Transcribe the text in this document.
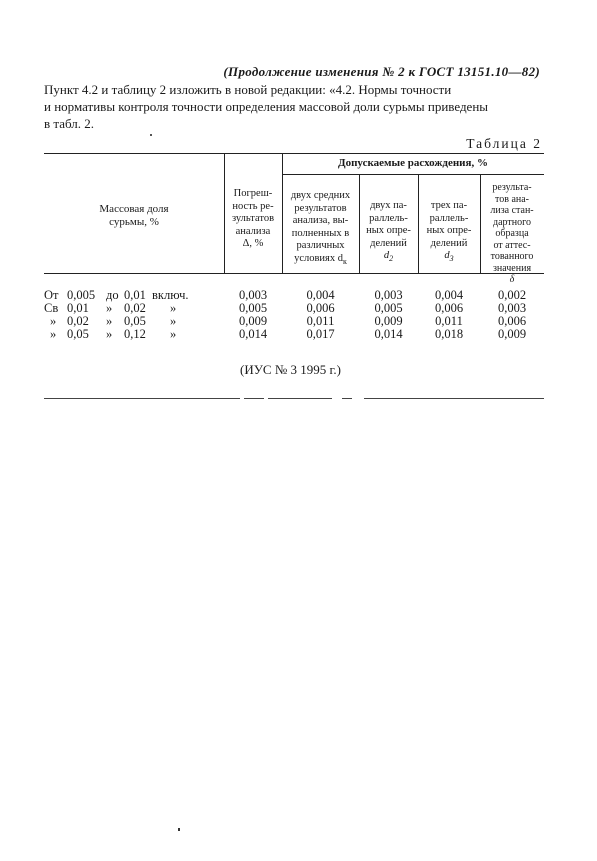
(Продолжение изменения № 2 к ГОСТ 13151.10—82)
Пункт 4.2 и таблицу 2 изложить в новой редакции: «4.2. Нормы точности
и нормативы контроля точности определения массовой доли сурьмы приведены
в табл. 2.
Таблица 2
Допускаемые расхождения, %
Массовая доля
сурьмы, %
Погреш-
ность ре-
зультатов
анализа
Δ, %
двух средних
результатов
анализа, вы-
полненных в
различных
условиях $d_к$
двух па-
раллель-
ных опре-
делений
$d_2$
трех па-
раллель-
ных опре-
делений
$d_3$
результа-
тов ана-
лиза стан-
дартного
образца
от аттес-
тованного
значения
δ
От 0,005 до 0,01 включ.	0,003	0,004	0,003	0,004	0,002
Св 0,01 » 0,02 »	0,005	0,006	0,005	0,006	0,003
» 0,02 » 0,05 »	0,009	0,011	0,009	0,011	0,006
» 0,05 » 0,12 »	0,014	0,017	0,014	0,018	0,009
(ИУС № 3 1995 г.)
